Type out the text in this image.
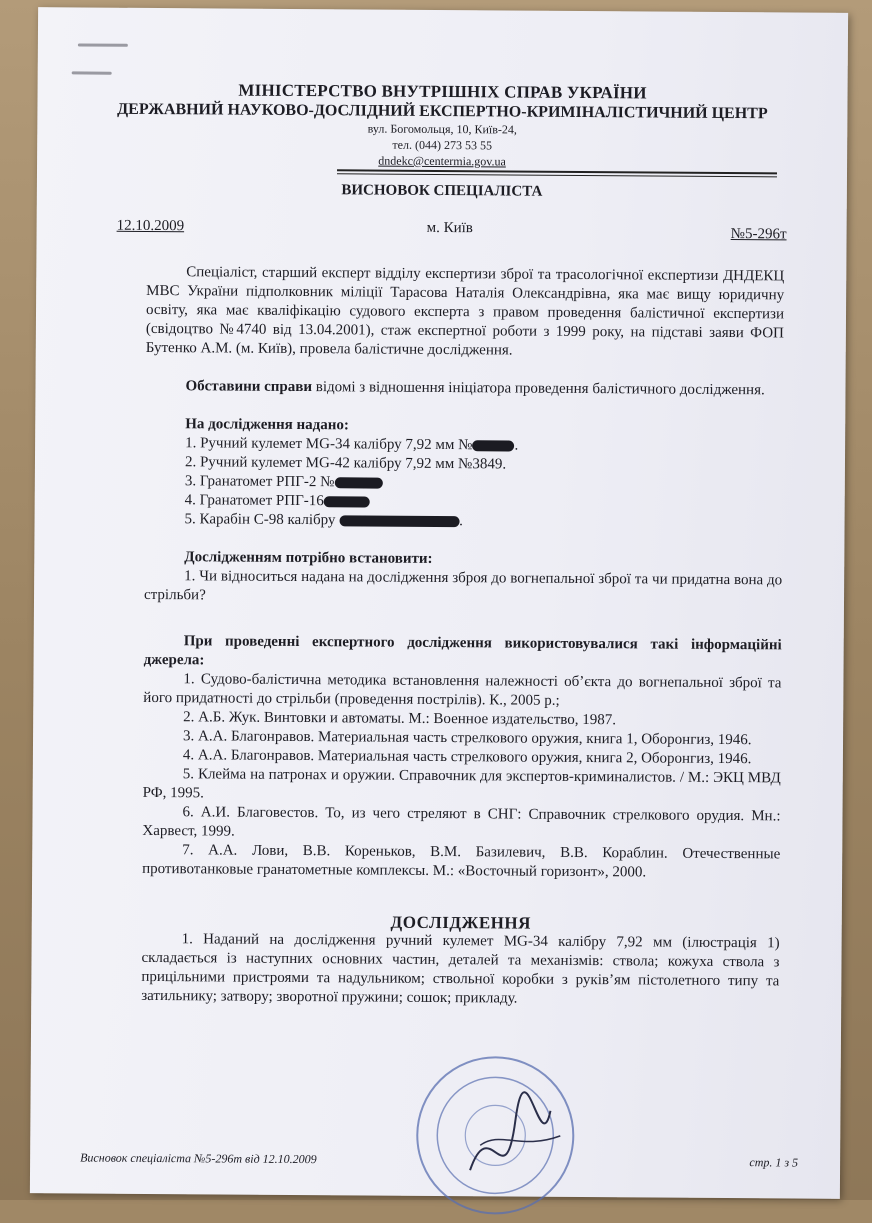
МІНІСТЕРСТВО ВНУТРІШНІХ СПРАВ УКРАЇНИ
ДЕРЖАВНИЙ НАУКОВО-ДОСЛІДНИЙ ЕКСПЕРТНО-КРИМІНАЛІСТИЧНИЙ ЦЕНТР
вул. Богомольця, 10, Київ-24,
тел. (044) 273 53 55
dndekc@centermia.gov.ua
ВИСНОВОК СПЕЦІАЛІСТА
12.10.2009	м. Київ	№5-296т

Спеціаліст, старший експерт відділу експертизи зброї та трасологічної експертизи ДНДЕКЦ МВС України підполковник міліції Тарасова Наталія Олександрівна, яка має вищу юридичну освіту, яка має кваліфікацію судового експерта з правом проведення балістичної експертизи (свідоцтво №4740 від 13.04.2001), стаж експертної роботи з 1999 року, на підставі заяви ФОП Бутенко А.М. (м. Київ), провела балістичне дослідження.

Обставини справи відомі з відношення ініціатора проведення балістичного дослідження.

На дослідження надано:

1. Ручний кулемет MG-34 калібру 7,92 мм №	.

2. Ручний кулемет MG-42 калібру 7,92 мм №3849.

3. Гранатомет РПГ-2 №

4. Гранатомет РПГ-16

5. Карабін С-98 калібру	.

Дослідженням потрібно встановити:

1. Чи відноситься надана на дослідження зброя до вогнепальної зброї та чи придатна вона до стрільби?

При проведенні експертного дослідження використовувалися такі інформаційні джерела:

1. Судово-балістична методика встановлення належності об’єкта до вогнепальної зброї та його придатності до стрільби (проведення пострілів). К., 2005 р.;

2. А.Б. Жук. Винтовки и автоматы. М.: Военное издательство, 1987.

3. А.А. Благонравов. Материальная часть стрелкового оружия, книга 1, Оборонгиз, 1946.

4. А.А. Благонравов. Материальная часть стрелкового оружия, книга 2, Оборонгиз, 1946.

5. Клейма на патронах и оружии. Справочник для экспертов-криминалистов. / М.: ЭКЦ МВД РФ, 1995.

6. А.И. Благовестов. То, из чего стреляют в СНГ: Справочник стрелкового орудия. Мн.: Харвест, 1999.

7. А.А. Лови, В.В. Кореньков, В.М. Базилевич, В.В. Кораблин. Отечественные противотанковые гранатометные комплексы. М.: «Восточный горизонт», 2000.

ДОСЛІДЖЕННЯ

1. Наданий на дослідження ручний кулемет MG-34 калібру 7,92 мм (ілюстрація 1) складається із наступних основних частин, деталей та механізмів: ствола; кожуха ствола з прицільними пристроями та надульником; ствольної коробки з руків’ям пістолетного типу та затильнику; затвору; зворотної пружини; сошок; прикладу.

Висновок спеціаліста №5-296т від 12.10.2009	стр. 1 з 5
